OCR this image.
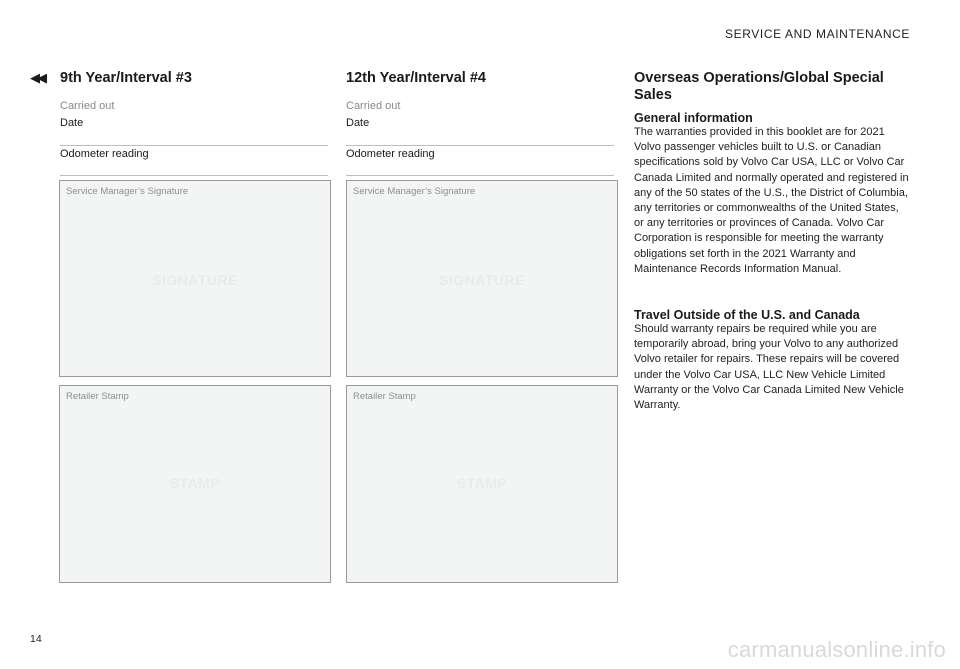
SERVICE AND MAINTENANCE
◀◀ 9th Year/Interval #3
Carried out
Date
Odometer reading
Service Manager’s Signature
SIGNATURE
Retailer Stamp
STAMP
12th Year/Interval #4
Carried out
Date
Odometer reading
Service Manager’s Signature
SIGNATURE
Retailer Stamp
STAMP
Overseas Operations/Global Special Sales
General information
The warranties provided in this booklet are for 2021 Volvo passenger vehicles built to U.S. or Canadian specifications sold by Volvo Car USA, LLC or Volvo Car Canada Limited and normally operated and registered in any of the 50 states of the U.S., the District of Columbia, any territories or commonwealths of the United States, or any territories or provinces of Canada. Volvo Car Corporation is responsible for meeting the warranty obligations set forth in the 2021 Warranty and Maintenance Records Information Manual.
Travel Outside of the U.S. and Canada
Should warranty repairs be required while you are temporarily abroad, bring your Volvo to any authorized Volvo retailer for repairs. These repairs will be covered under the Volvo Car USA, LLC New Vehicle Limited Warranty or the Volvo Car Canada Limited New Vehicle Warranty.
14	carmanualsonline.info
